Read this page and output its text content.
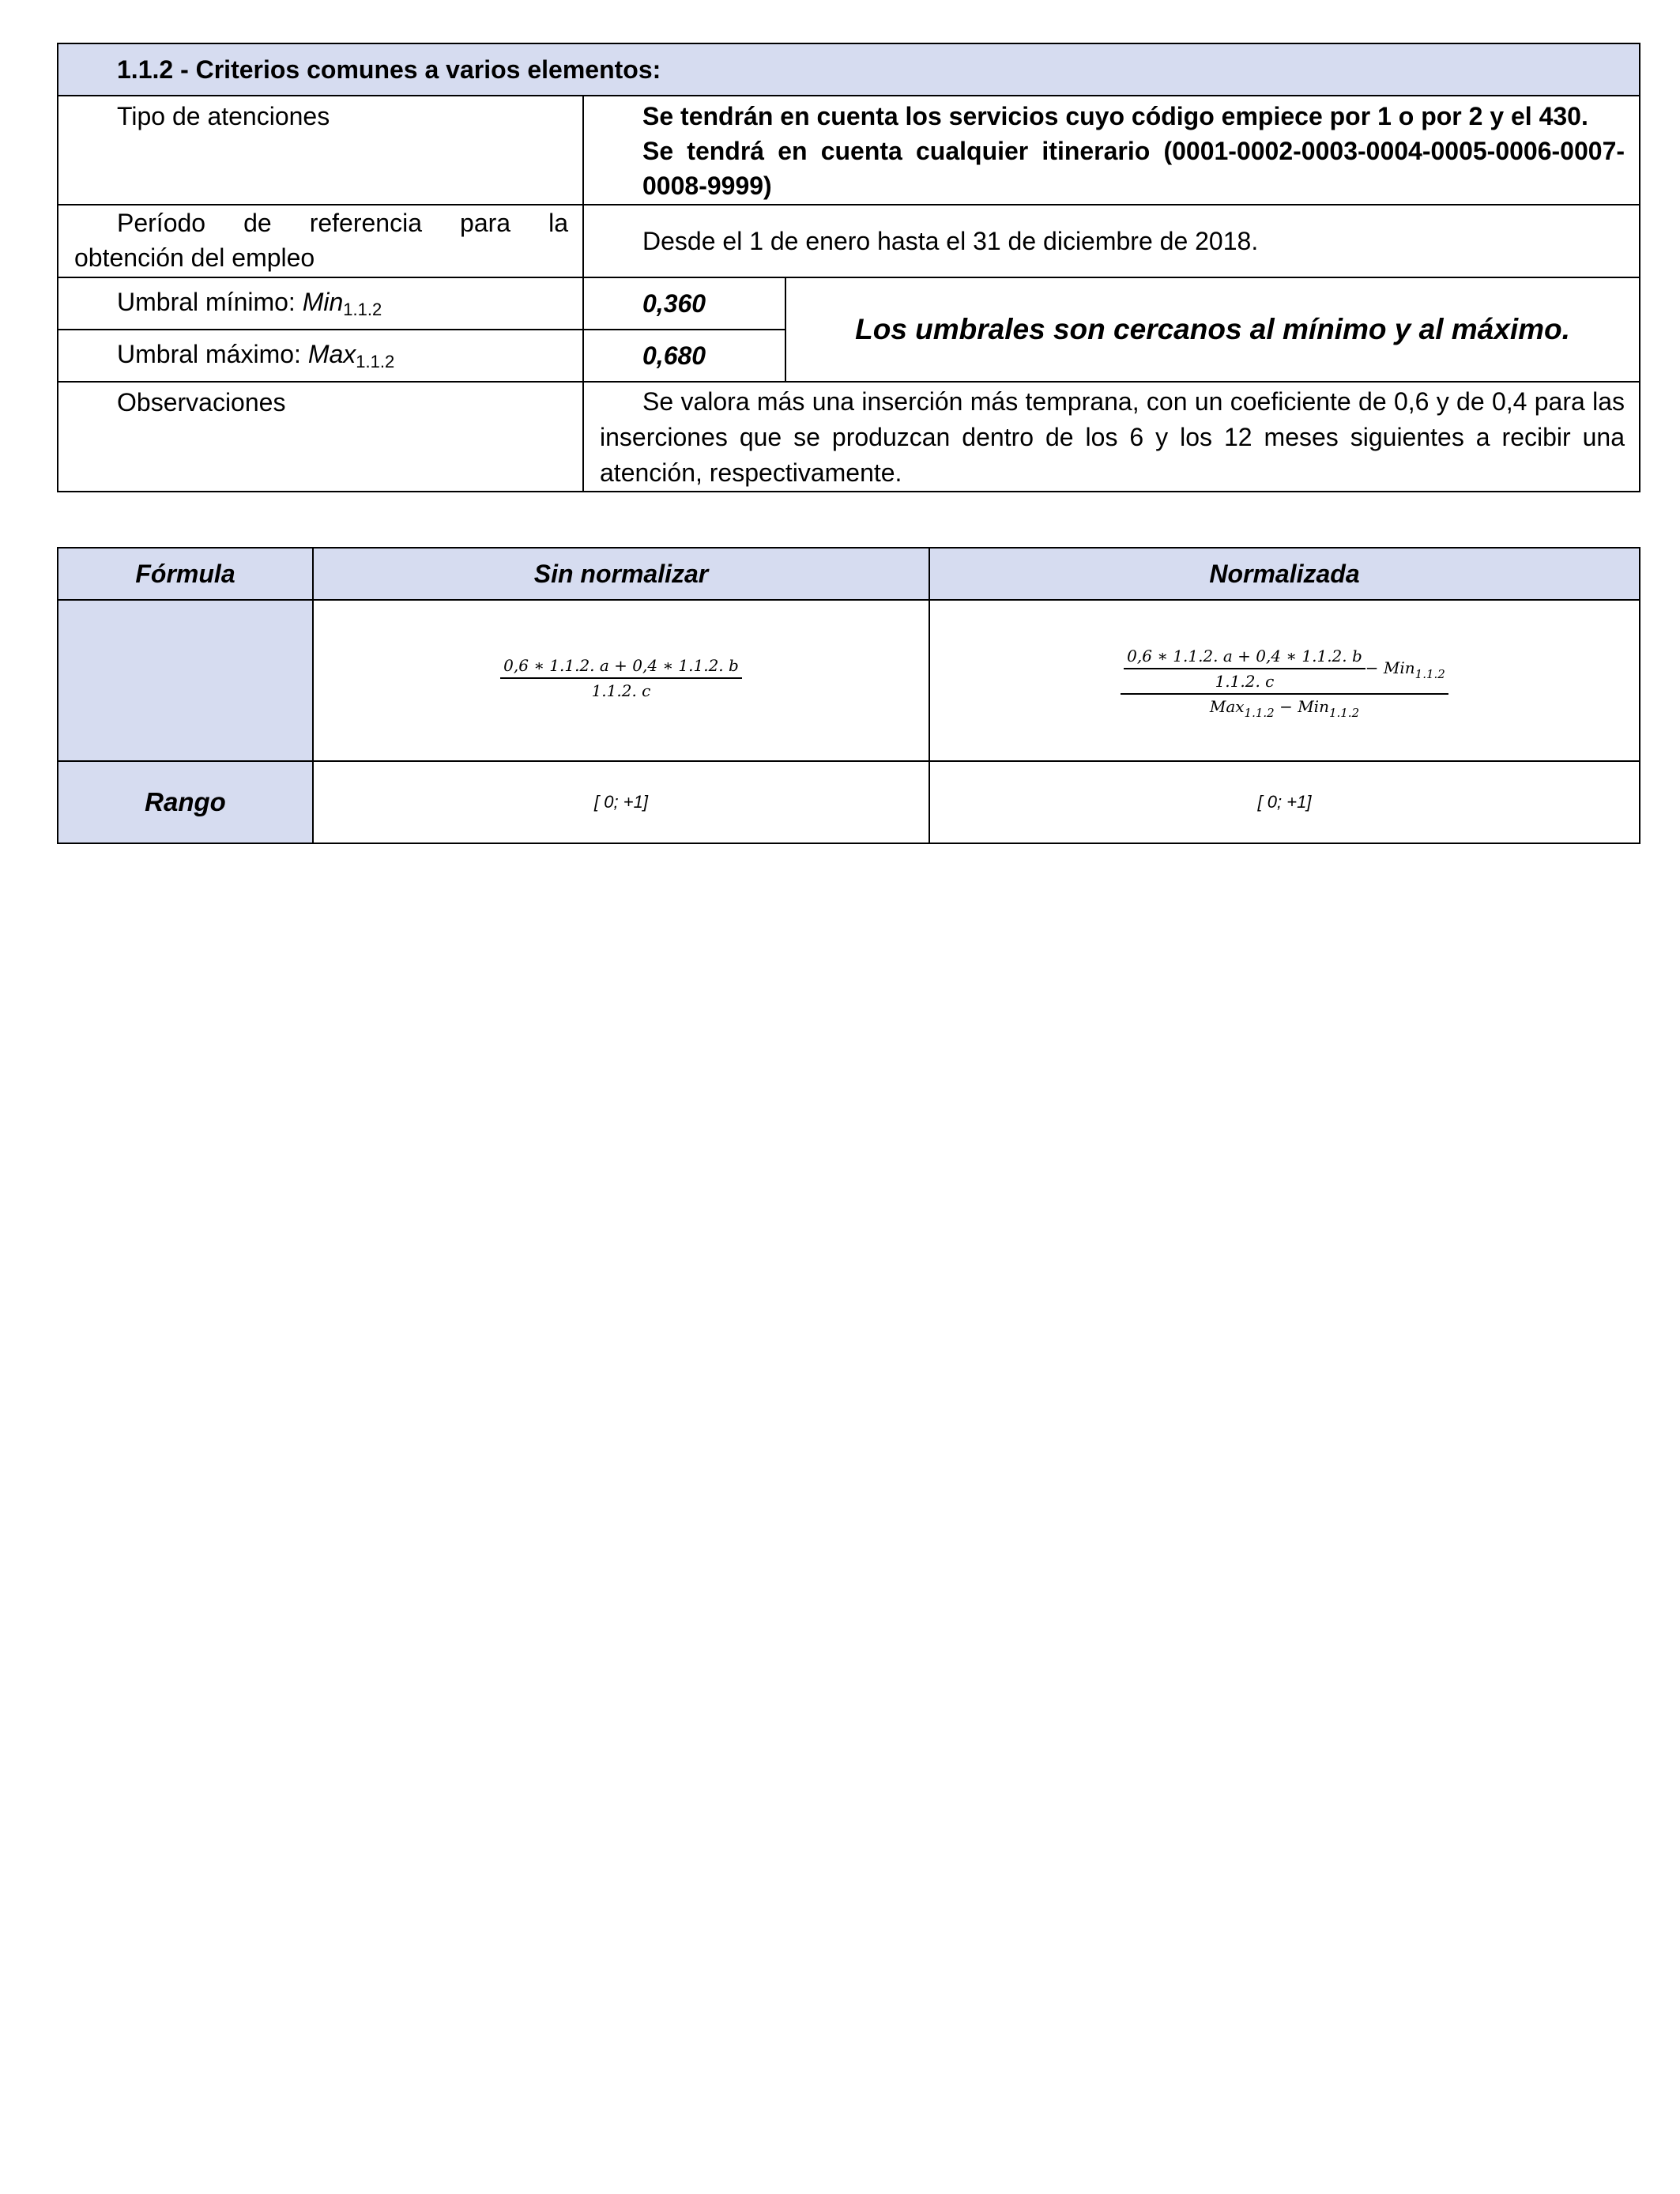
1.1.2 - Criterios comunes a varios elementos:		

Tipo de atenciones	Se tendrán en cuenta los servicios cuyo código empiece por 1 o por 2 y el 430.
Se tendrá en cuenta cualquier itinerario (0001-0002-0003-0004-0005-0006-0007-0008-9999)	

Período de referencia para la
obtención del empleo	Desde el 1 de enero hasta el 31 de diciembre de 2018.	

Umbral mínimo: Min$_{1.1.2}$	0,360	Los umbrales son cercanos al mínimo y al máximo.

Umbral máximo: Max$_{1.1.2}$	0,680	

Observaciones	Se valora más una inserción más temprana, con un coeficiente de 0,6 y de 0,4 para las inserciones que se produzcan dentro de los 6 y los 12 meses siguientes a recibir una atención, respectivamente.	
Fórmula	Sin normalizar	Normalizada

	$\frac{0,6 ∗ 1.1.2. a + 0,4 ∗ 1.1.2. b}{1.1.2. c}$	$\frac{0,6 ∗ 1.1.2. a + 0,4 ∗ 1.1.2. b}{1.1.2. c} - Min_{1.1.2}$
Max$_{1.1.2}$ − Min$_{1.1.2}$

Rango	[ 0; +1]	[ 0; +1]
